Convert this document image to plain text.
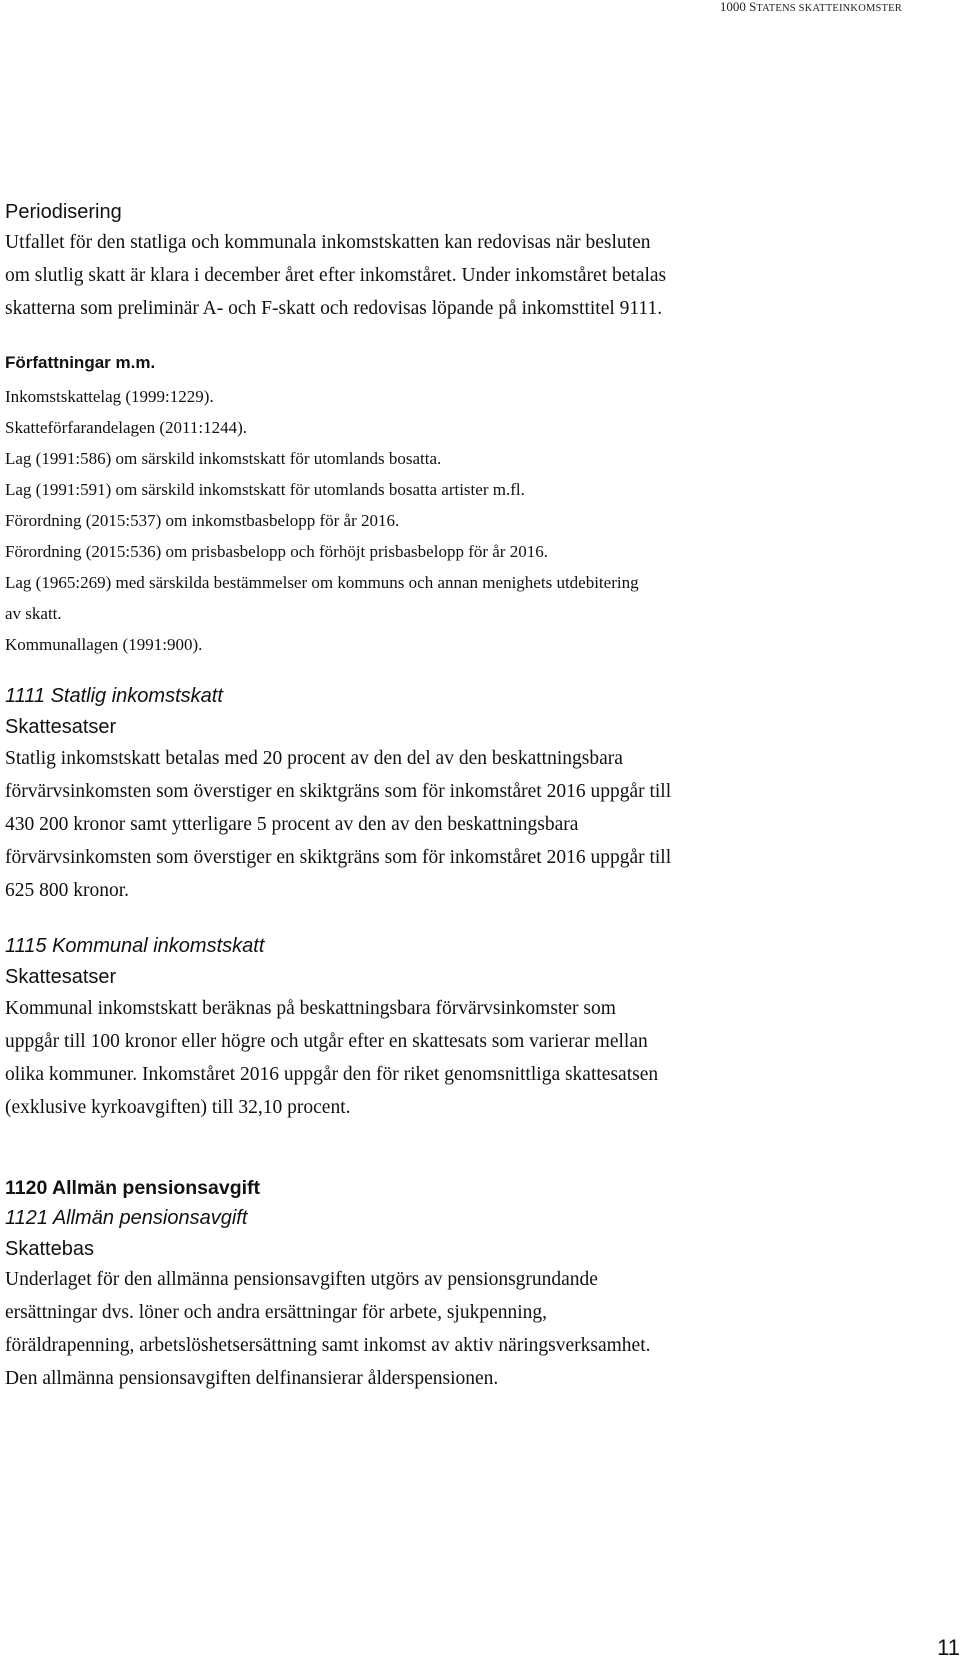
1000 STATENS SKATTEINKOMSTER
Periodisering

Utfallet för den statliga och kommunala inkomstskatten kan redovisas när besluten
om slutlig skatt är klara i december året efter inkomståret. Under inkomståret betalas
skatterna som preliminär A- och F-skatt och redovisas löpande på inkomsttitel 9111.

Författningar m.m.
Inkomstskattelag (1999:1229).
Skatteförfarandelagen (2011:1244).
Lag (1991:586) om särskild inkomstskatt för utomlands bosatta.
Lag (1991:591) om särskild inkomstskatt för utomlands bosatta artister m.fl.
Förordning (2015:537) om inkomstbasbelopp för år 2016.
Förordning (2015:536) om prisbasbelopp och förhöjt prisbasbelopp för år 2016.
Lag (1965:269) med särskilda bestämmelser om kommuns och annan menighets utdebitering
av skatt.
Kommunallagen (1991:900).
1111 Statlig inkomstskatt
Skattesatser

Statlig inkomstskatt betalas med 20 procent av den del av den beskattningsbara
förvärvsinkomsten som överstiger en skiktgräns som för inkomståret 2016 uppgår till
430 200 kronor samt ytterligare 5 procent av den av den beskattningsbara
förvärvsinkomsten som överstiger en skiktgräns som för inkomståret 2016 uppgår till
625 800 kronor.

1115 Kommunal inkomstskatt
Skattesatser

Kommunal inkomstskatt beräknas på beskattningsbara förvärvsinkomster som
uppgår till 100 kronor eller högre och utgår efter en skattesats som varierar mellan
olika kommuner. Inkomståret 2016 uppgår den för riket genomsnittliga skattesatsen
(exklusive kyrkoavgiften) till 32,10 procent.

1120 Allmän pensionsavgift
1121 Allmän pensionsavgift
Skattebas

Underlaget för den allmänna pensionsavgiften utgörs av pensionsgrundande
ersättningar dvs. löner och andra ersättningar för arbete, sjukpenning,
föräldrapenning, arbetslöshetsersättning samt inkomst av aktiv näringsverksamhet.
Den allmänna pensionsavgiften delfinansierar ålderspensionen.

11
